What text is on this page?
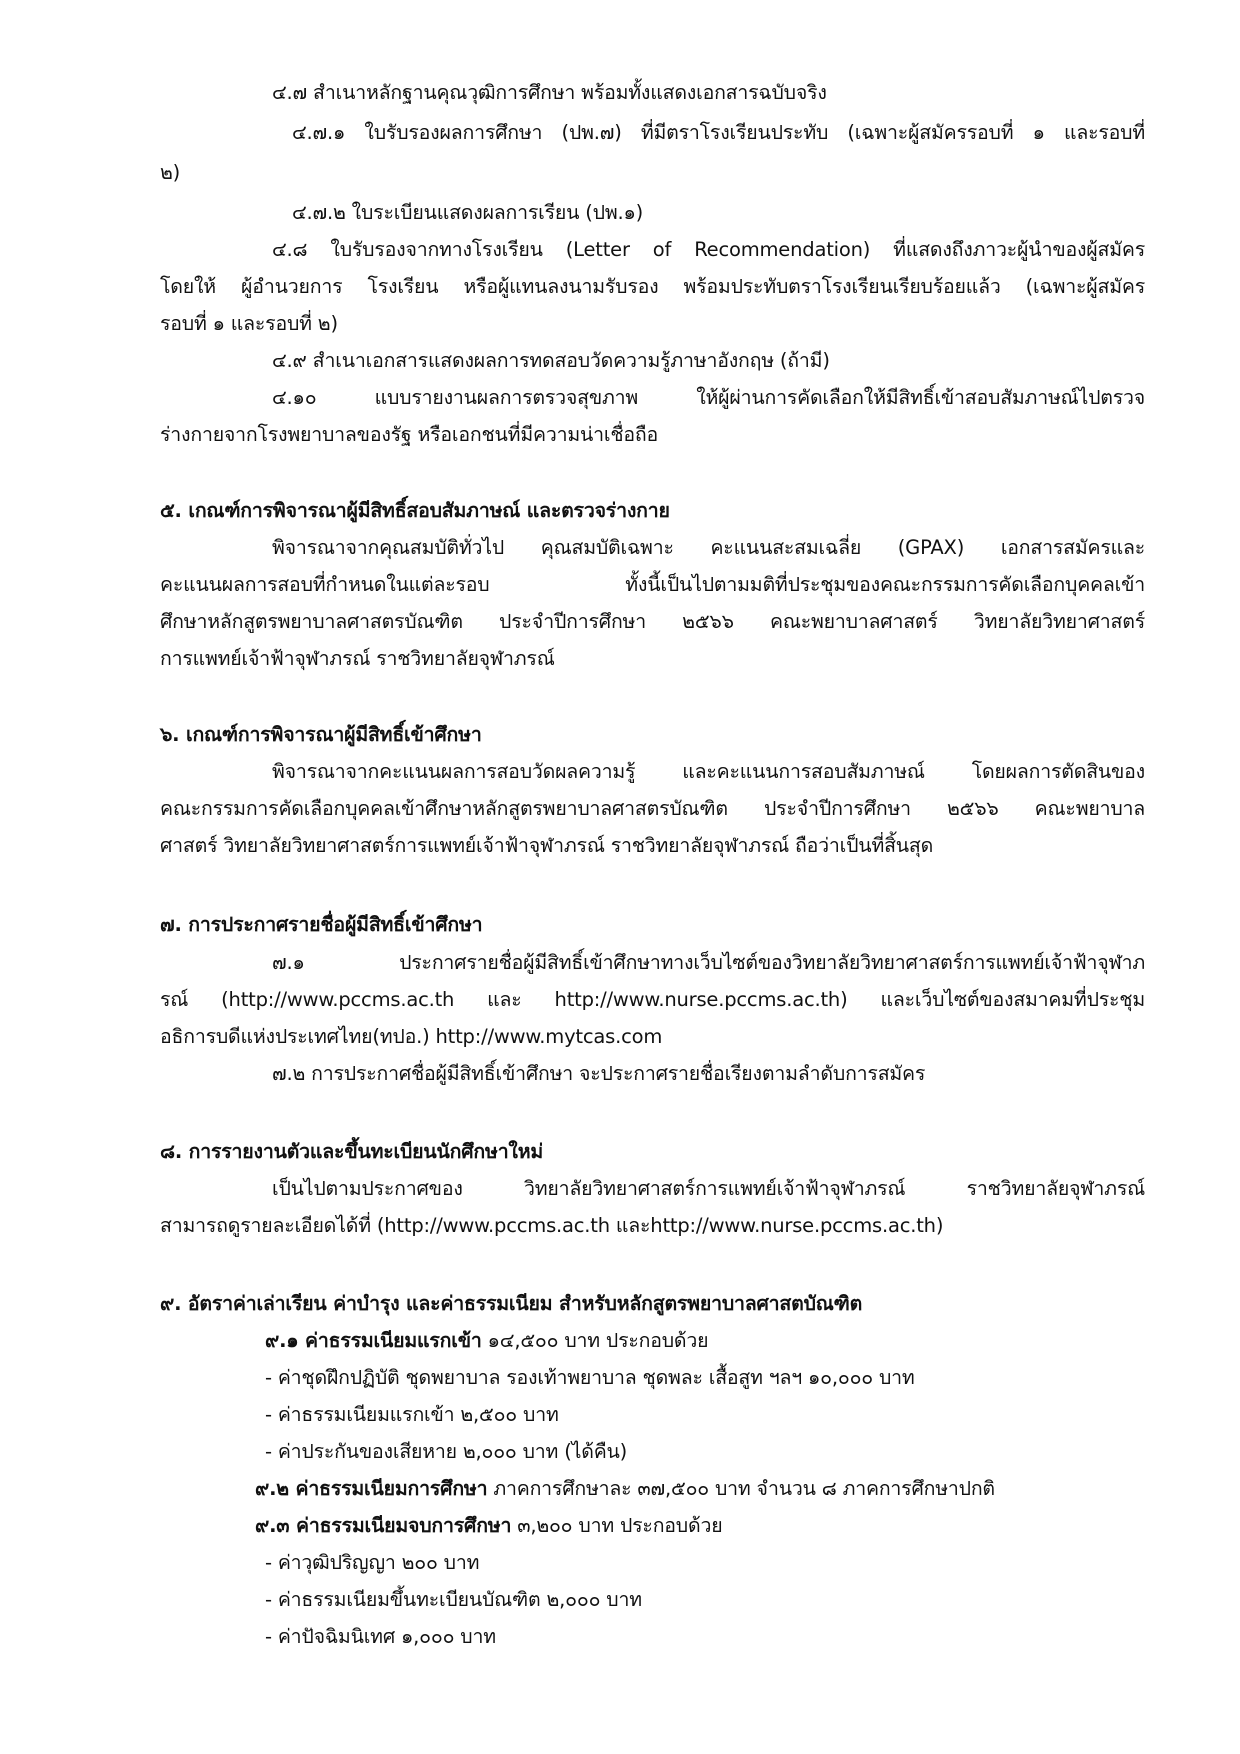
๔.๗ สำเนาหลักฐานคุณวุฒิการศึกษา พร้อมทั้งแสดงเอกสารฉบับจริง
๔.๗.๑ ใบรับรองผลการศึกษา (ปพ.๗) ที่มีตราโรงเรียนประทับ (เฉพาะผู้สมัครรอบที่ ๑ และรอบที่
๒)
๔.๗.๒ ใบระเบียนแสดงผลการเรียน (ปพ.๑)
๔.๘ ใบรับรองจากทางโรงเรียน (Letter of Recommendation) ที่แสดงถึงภาวะผู้นำของผู้สมัคร
โดยให้ ผู้อำนวยการ โรงเรียน หรือผู้แทนลงนามรับรอง พร้อมประทับตราโรงเรียนเรียบร้อยแล้ว (เฉพาะผู้สมัคร
รอบที่ ๑ และรอบที่ ๒)
๔.๙ สำเนาเอกสารแสดงผลการทดสอบวัดความรู้ภาษาอังกฤษ (ถ้ามี)
๔.๑๐ แบบรายงานผลการตรวจสุขภาพ ให้ผู้ผ่านการคัดเลือกให้มีสิทธิ์เข้าสอบสัมภาษณ์ไปตรวจ
ร่างกายจากโรงพยาบาลของรัฐ หรือเอกชนที่มีความน่าเชื่อถือ
๕. เกณฑ์การพิจารณาผู้มีสิทธิ์สอบสัมภาษณ์ และตรวจร่างกาย
พิจารณาจากคุณสมบัติทั่วไป คุณสมบัติเฉพาะ คะแนนสะสมเฉลี่ย (GPAX) เอกสารสมัครและ
คะแนนผลการสอบที่กำหนดในแต่ละรอบ ทั้งนี้เป็นไปตามมติที่ประชุมของคณะกรรมการคัดเลือกบุคคลเข้า
ศึกษาหลักสูตรพยาบาลศาสตรบัณฑิต ประจำปีการศึกษา ๒๕๖๖ คณะพยาบาลศาสตร์ วิทยาลัยวิทยาศาสตร์
การแพทย์เจ้าฟ้าจุฬาภรณ์ ราชวิทยาลัยจุฬาภรณ์
๖. เกณฑ์การพิจารณาผู้มีสิทธิ์เข้าศึกษา
พิจารณาจากคะแนนผลการสอบวัดผลความรู้ และคะแนนการสอบสัมภาษณ์ โดยผลการตัดสินของ
คณะกรรมการคัดเลือกบุคคลเข้าศึกษาหลักสูตรพยาบาลศาสตรบัณฑิต ประจำปีการศึกษา ๒๕๖๖ คณะพยาบาล
ศาสตร์ วิทยาลัยวิทยาศาสตร์การแพทย์เจ้าฟ้าจุฬาภรณ์ ราชวิทยาลัยจุฬาภรณ์ ถือว่าเป็นที่สิ้นสุด
๗. การประกาศรายชื่อผู้มีสิทธิ์เข้าศึกษา
๗.๑ ประกาศรายชื่อผู้มีสิทธิ์เข้าศึกษาทางเว็บไซต์ของวิทยาลัยวิทยาศาสตร์การแพทย์เจ้าฟ้าจุฬาภ
รณ์ (http://www.pccms.ac.th และ http://www.nurse.pccms.ac.th) และเว็บไซต์ของสมาคมที่ประชุม
อธิการบดีแห่งประเทศไทย(ทปอ.) http://www.mytcas.com
๗.๒ การประกาศชื่อผู้มีสิทธิ์เข้าศึกษา จะประกาศรายชื่อเรียงตามลำดับการสมัคร
๘. การรายงานตัวและขึ้นทะเบียนนักศึกษาใหม่
เป็นไปตามประกาศของ วิทยาลัยวิทยาศาสตร์การแพทย์เจ้าฟ้าจุฬาภรณ์ ราชวิทยาลัยจุฬาภรณ์
สามารถดูรายละเอียดได้ที่ (http://www.pccms.ac.th และhttp://www.nurse.pccms.ac.th)
๙. อัตราค่าเล่าเรียน ค่าบำรุง และค่าธรรมเนียม สำหรับหลักสูตรพยาบาลศาสตบัณฑิต
๙.๑ ค่าธรรมเนียมแรกเข้า ๑๔,๕๐๐ บาท ประกอบด้วย
- ค่าชุดฝึกปฏิบัติ ชุดพยาบาล รองเท้าพยาบาล ชุดพละ เสื้อสูท ฯลฯ ๑๐,๐๐๐ บาท
- ค่าธรรมเนียมแรกเข้า ๒,๕๐๐ บาท
- ค่าประกันของเสียหาย ๒,๐๐๐ บาท (ได้คืน)
๙.๒ ค่าธรรมเนียมการศึกษา ภาคการศึกษาละ ๓๗,๕๐๐ บาท จำนวน ๘ ภาคการศึกษาปกติ
๙.๓ ค่าธรรมเนียมจบการศึกษา ๓,๒๐๐ บาท ประกอบด้วย
- ค่าวุฒิปริญญา ๒๐๐ บาท
- ค่าธรรมเนียมขึ้นทะเบียนบัณฑิต ๒,๐๐๐ บาท
- ค่าปัจฉิมนิเทศ ๑,๐๐๐ บาท
